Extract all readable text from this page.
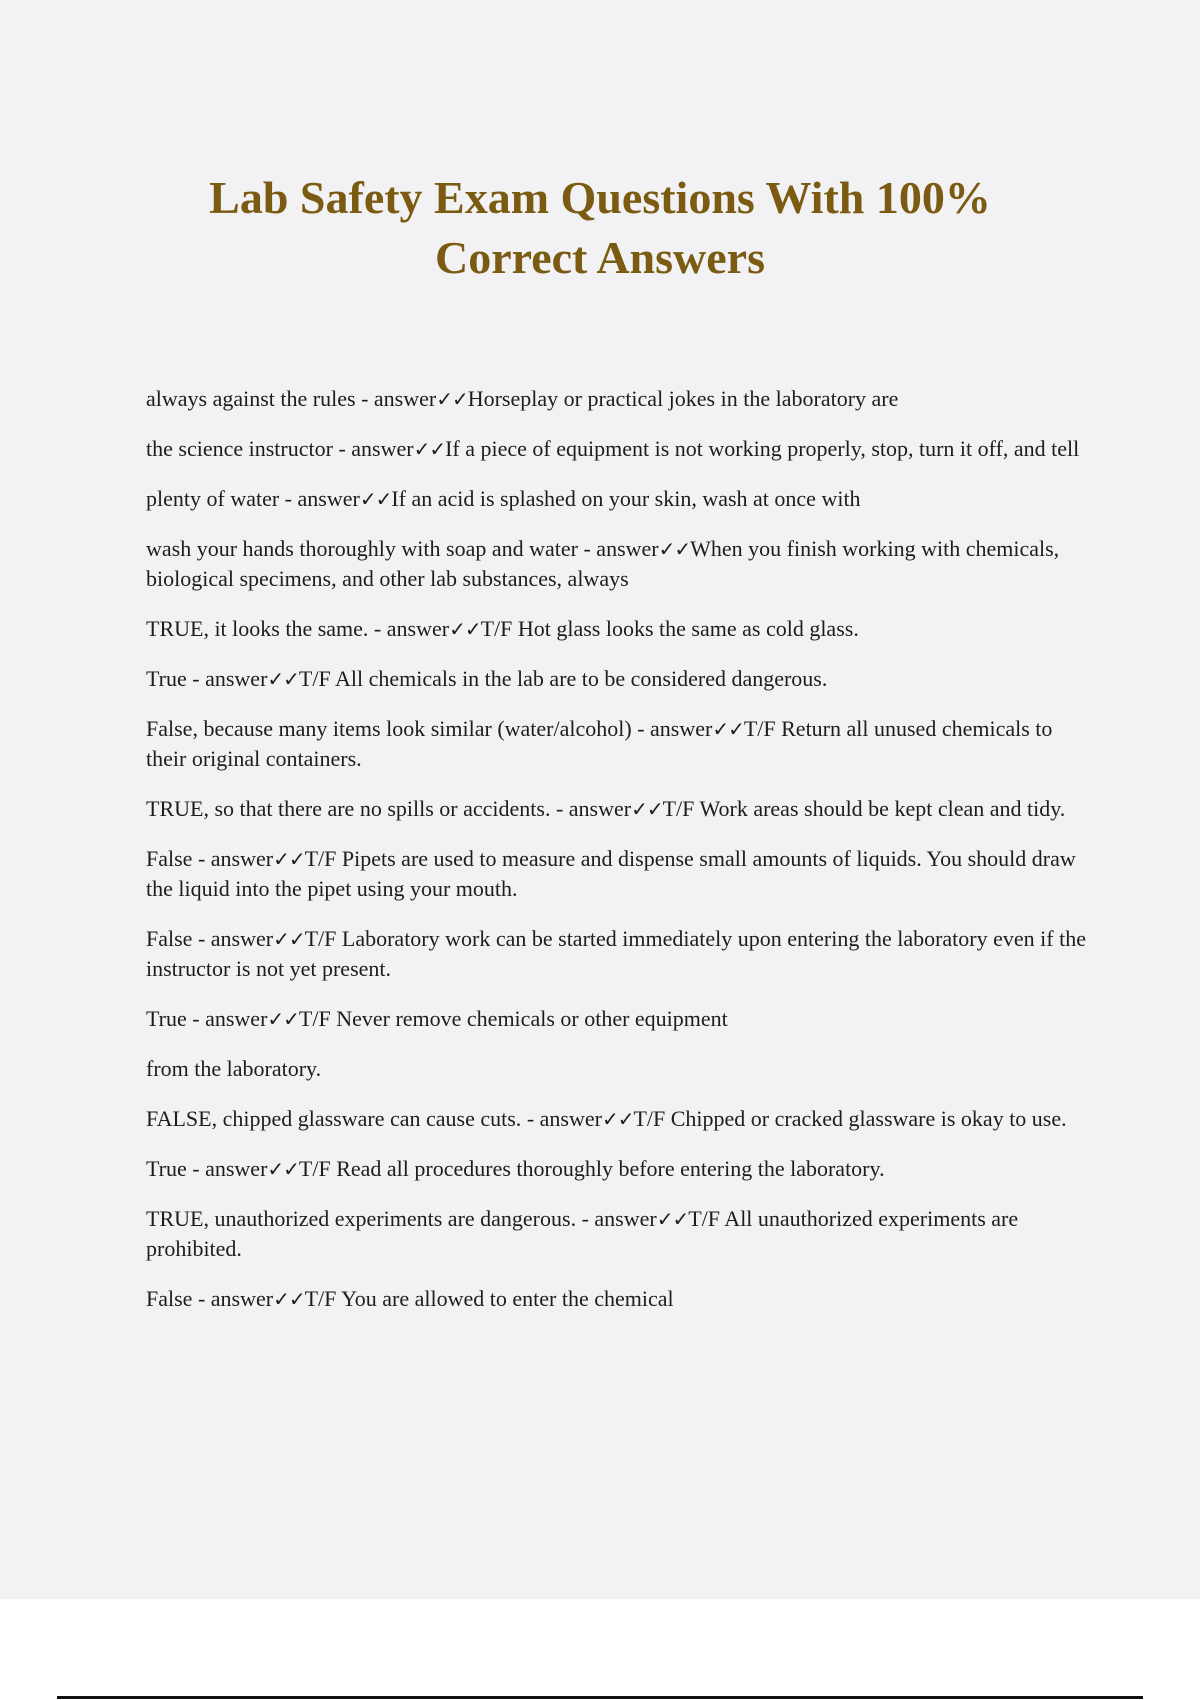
Lab Safety Exam Questions With 100% Correct Answers

always against the rules - answer✓✓Horseplay or practical jokes in the laboratory are

the science instructor - answer✓✓If a piece of equipment is not working properly, stop, turn it off, and tell

plenty of water - answer✓✓If an acid is splashed on your skin, wash at once with

wash your hands thoroughly with soap and water - answer✓✓When you finish working with chemicals, biological specimens, and other lab substances, always

TRUE, it looks the same. - answer✓✓T/F Hot glass looks the same as cold glass.

True - answer✓✓T/F All chemicals in the lab are to be considered dangerous.

False, because many items look similar (water/alcohol) - answer✓✓T/F Return all unused chemicals to their original containers.

TRUE, so that there are no spills or accidents. - answer✓✓T/F Work areas should be kept clean and tidy.

False - answer✓✓T/F Pipets are used to measure and dispense small amounts of liquids. You should draw the liquid into the pipet using your mouth.

False - answer✓✓T/F Laboratory work can be started immediately upon entering the laboratory even if the instructor is not yet present.

True - answer✓✓T/F Never remove chemicals or other equipment

from the laboratory.

FALSE, chipped glassware can cause cuts. - answer✓✓T/F Chipped or cracked glassware is okay to use.

True - answer✓✓T/F Read all procedures thoroughly before entering the laboratory.

TRUE, unauthorized experiments are dangerous. - answer✓✓T/F All unauthorized experiments are prohibited.

False - answer✓✓T/F You are allowed to enter the chemical
